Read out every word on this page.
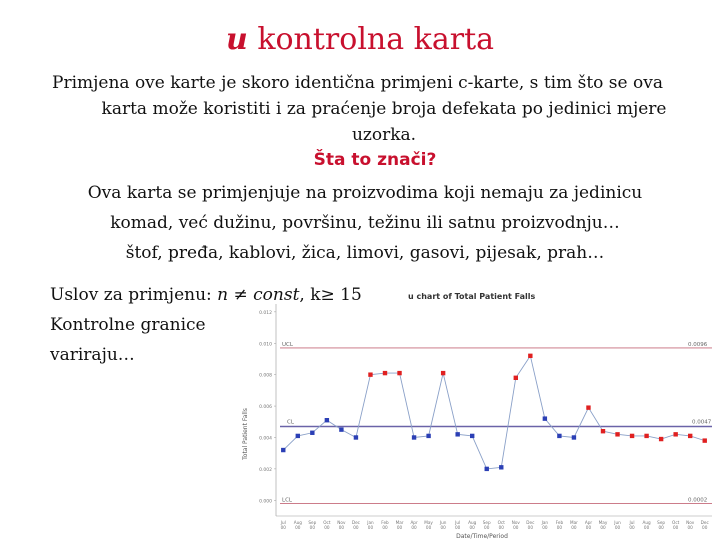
u kontrolna karta
Primjena ove karte je skoro identična primjeni c-karte, s tim što se ova
karta može koristiti i za praćenje broja defekata po jedinici mjere uzorka.
Šta to znači?
Ova karta se primjenjuje na proizvodima koji nemaju za jedinicu
komad, već dužinu, površinu, težinu ili satnu proizvodnju…
štof, pređa, kablovi, žica, limovi, gasovi, pijesak, prah…
Uslov za primjenu: n ≠ const, k≥ 15
Kontrolne granice
variraju…
u chart of Total Patient Falls
Total Patient Falls
Date/Time/Period
0.000
0.002
0.004
0.006
0.008
0.010
0.012
Jul
00
Aug
00
Sep
00
Oct
00
Nov
00
Dec
00
Jan
00
Feb
00
Mar
00
Apr
00
May
00
Jun
00
Jul
00
Aug
00
Sep
00
Oct
00
Nov
00
Dec
00
Jan
00
Feb
00
Mar
00
Apr
00
May
00
Jun
00
Jul
00
Aug
00
Sep
00
Oct
00
Nov
00
Dec
00
UCL
CL
LCL
0.0096
0.0047
0.0002
